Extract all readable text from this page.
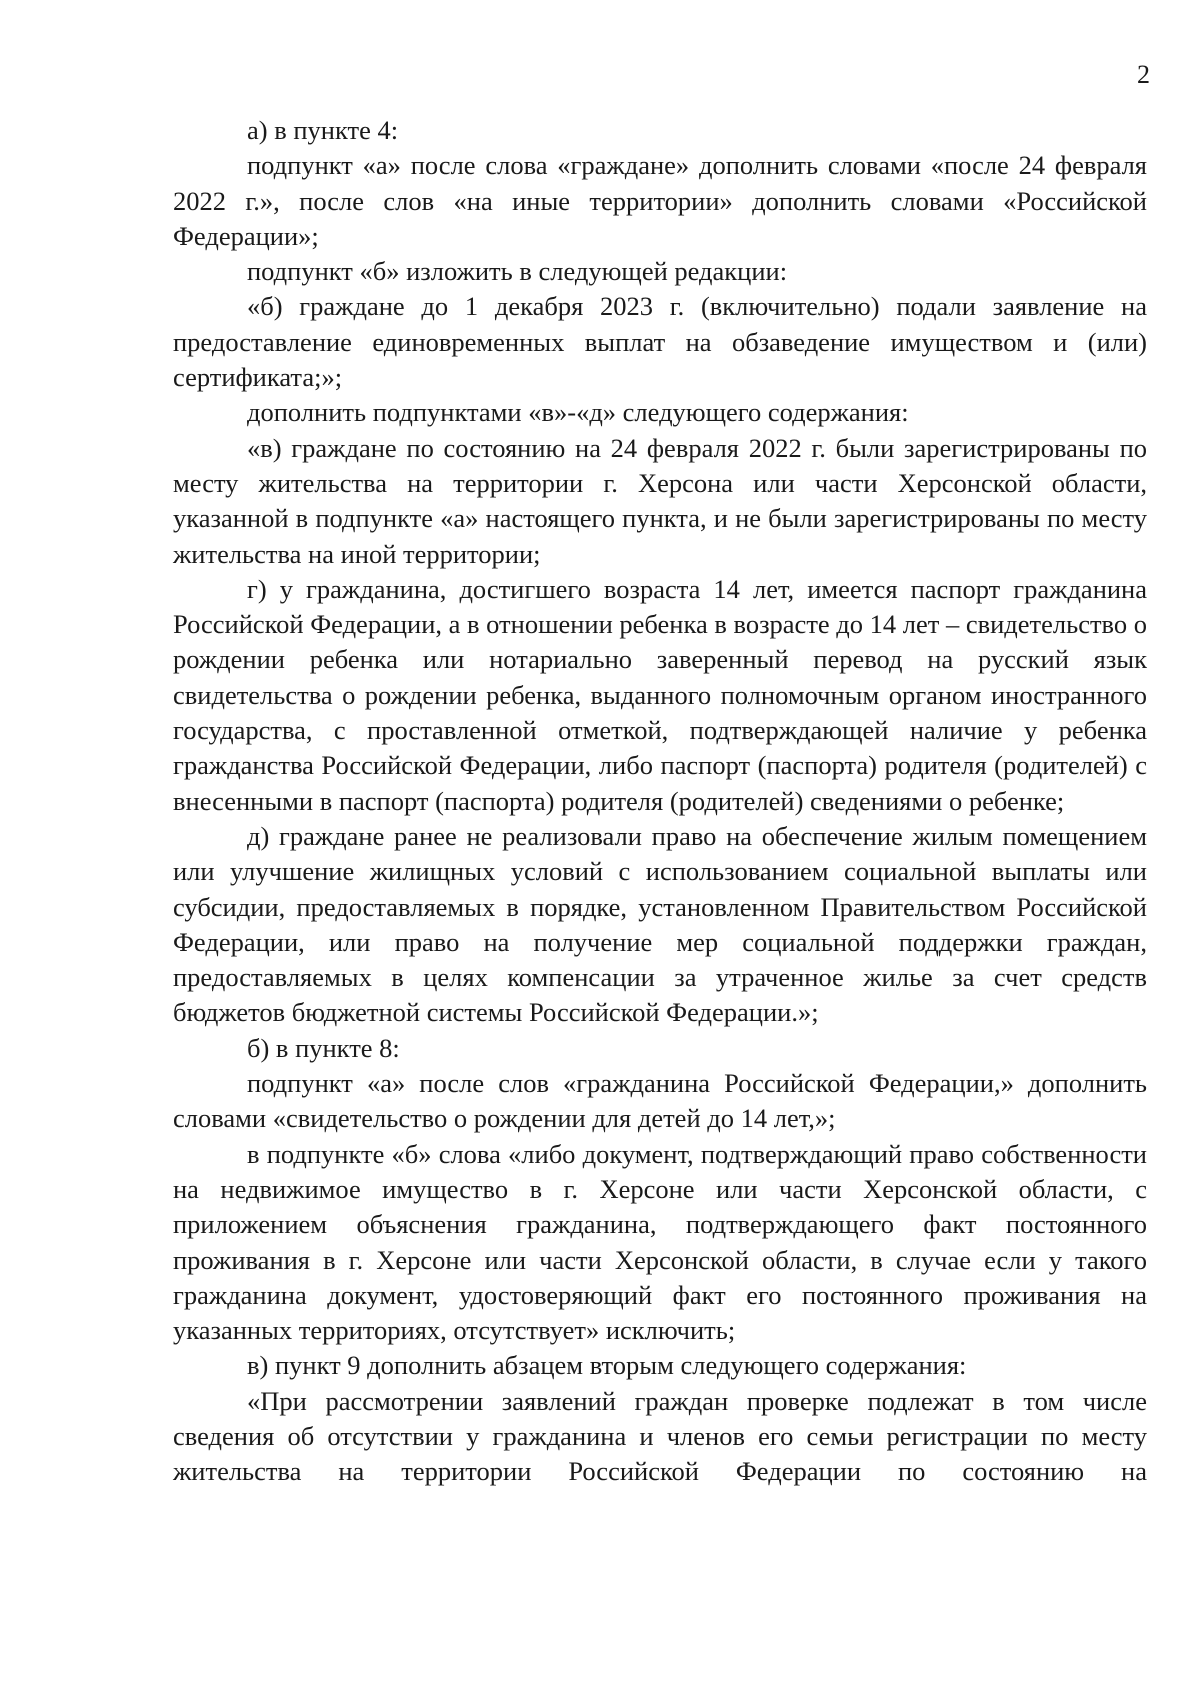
2

а) в пункте 4:

подпункт «а» после слова «граждане» дополнить словами «после 24 февраля 2022 г.», после слов «на иные территории» дополнить словами «Российской Федерации»;

подпункт «б» изложить в следующей редакции:

«б) граждане до 1 декабря 2023 г. (включительно) подали заявление на предоставление единовременных выплат на обзаведение имуществом и (или) сертификата;»;

дополнить подпунктами «в»-«д» следующего содержания:

«в) граждане по состоянию на 24 февраля 2022 г. были зарегистрированы по месту жительства на территории г. Херсона или части Херсонской области, указанной в подпункте «а» настоящего пункта, и не были зарегистрированы по месту жительства на иной территории;

г) у гражданина, достигшего возраста 14 лет, имеется паспорт гражданина Российской Федерации, а в отношении ребенка в возрасте до 14 лет – свидетельство о рождении ребенка или нотариально заверенный перевод на русский язык свидетельства о рождении ребенка, выданного полномочным органом иностранного государства, с проставленной отметкой, подтверждающей наличие у ребенка гражданства Российской Федерации, либо паспорт (паспорта) родителя (родителей) с внесенными в паспорт (паспорта) родителя (родителей) сведениями о ребенке;

д) граждане ранее не реализовали право на обеспечение жилым помещением или улучшение жилищных условий с использованием социальной выплаты или субсидии, предоставляемых в порядке, установленном Правительством Российской Федерации, или право на получение мер социальной поддержки граждан, предоставляемых в целях компенсации за утраченное жилье за счет средств бюджетов бюджетной системы Российской Федерации.»;

б) в пункте 8:

подпункт «а» после слов «гражданина Российской Федерации,» дополнить словами «свидетельство о рождении для детей до 14 лет,»;

в подпункте «б» слова «либо документ, подтверждающий право собственности на недвижимое имущество в г. Херсоне или части Херсонской области, с приложением объяснения гражданина, подтверждающего факт постоянного проживания в г. Херсоне или части Херсонской области, в случае если у такого гражданина документ, удостоверяющий факт его постоянного проживания на указанных территориях, отсутствует» исключить;

в) пункт 9 дополнить абзацем вторым следующего содержания:

«При рассмотрении заявлений граждан проверке подлежат в том числе сведения об отсутствии у гражданина и членов его семьи регистрации по месту жительства на территории Российской Федерации по состоянию на
